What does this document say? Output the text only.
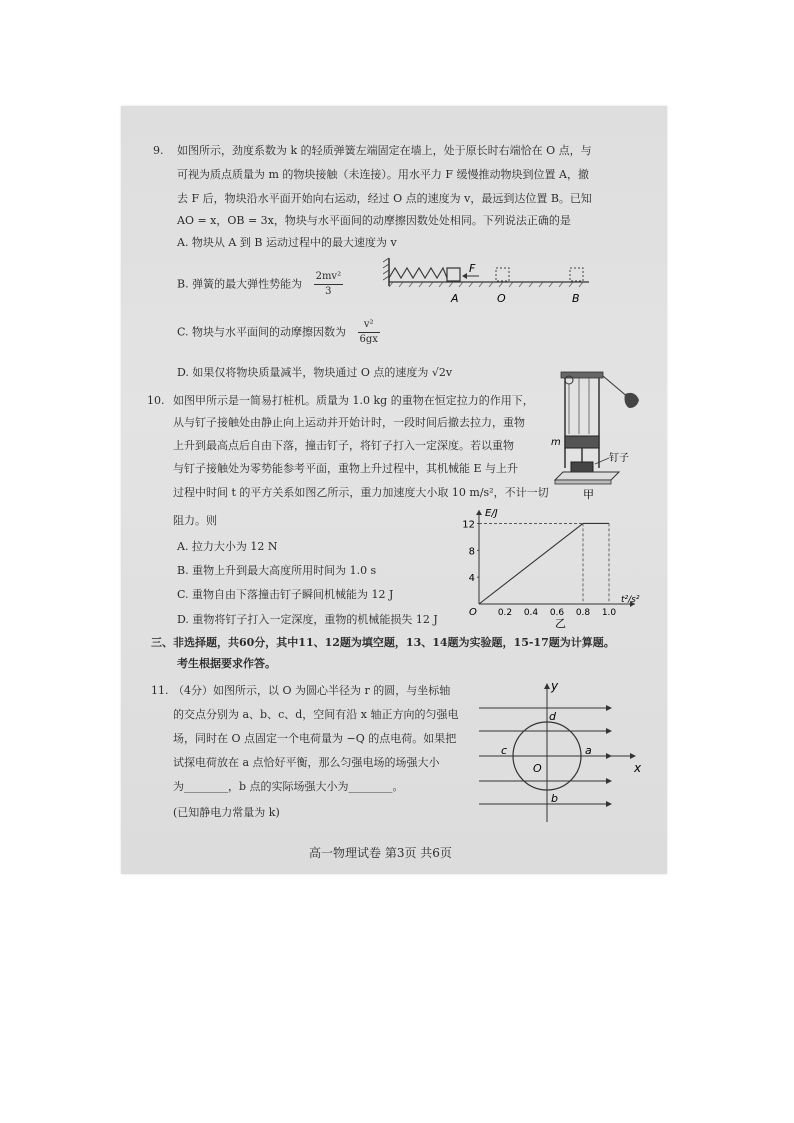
9. 如图所示，劲度系数为 k 的轻质弹簧左端固定在墙上，处于原长时右端恰在 O 点，与
可视为质点质量为 m 的物块接触（未连接）。用水平力 F 缓慢推动物块到位置 A，撤
去 F 后，物块沿水平面开始向右运动，经过 O 点的速度为 v，最远到达位置 B。已知
AO = x，OB = 3x，物块与水平面间的动摩擦因数处处相同。下列说法正确的是
A. 物块从 A 到 B 运动过程中的最大速度为 v
B. 弹簧的最大弹性势能为 $\frac{\text{2mv²}}{3}$
C. 物块与水平面间的动摩擦因数为 $\frac{\text{v²}}{6gx}$
D. 如果仅将物块质量减半，物块通过 O 点的速度为 √2v
F
A	O	B
10. 如图甲所示是一简易打桩机。质量为 1.0 kg 的重物在恒定拉力的作用下，
从与钉子接触处由静止向上运动并开始计时，一段时间后撤去拉力，重物
上升到最高点后自由下落，撞击钉子，将钉子打入一定深度。若以重物
与钉子接触处为零势能参考平面，重物上升过程中，其机械能 E 与上升
过程中时间 t 的平方关系如图乙所示，重力加速度大小取 10 m/s²，不计一切
阻力。则
A. 拉力大小为 12 N
B. 重物上升到最大高度所用时间为 1.0 s
C. 重物自由下落撞击钉子瞬间机械能为 12 J
D. 重物将钉子打入一定深度，重物的机械能损失 12 J
m
钉子
甲
E/J
t²/s²
O
4
8
12
0.2 0.4 0.6 0.8 1.0
乙
三、非选择题，共60分，其中11、12题为填空题，13、14题为实验题，15-17题为计算题。
考生根据要求作答。
11. （4分）如图所示，以 O 为圆心半径为 r 的圆，与坐标轴
的交点分别为 a、b、c、d，空间有沿 x 轴正方向的匀强电
场，同时在 O 点固定一个电荷量为 −Q 的点电荷。如果把
试探电荷放在 a 点恰好平衡，那么匀强电场的场强大小
为________，b 点的实际场强大小为________。
(已知静电力常量为 k)
x
y
O
a
c
d
b
高一物理试卷 第3页 共6页
